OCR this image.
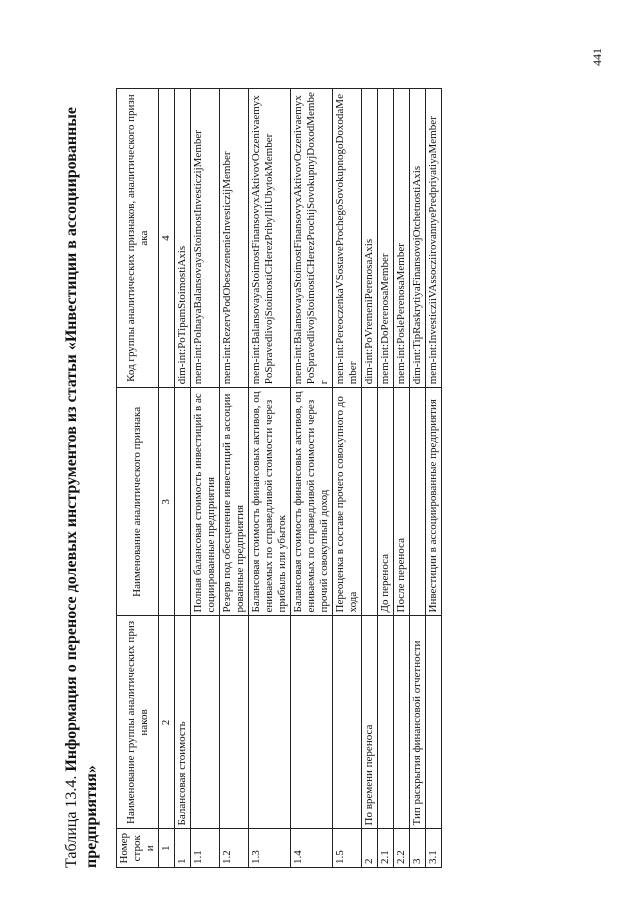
441
Таблица 13.4. Информация о переносе долевых инструментов из статьи «Инвестиции в ассоциированные предприятия» Номер строки	Наименование группы аналитических признаков	Наименование аналитического признака	Код группы аналитических признаков, аналитического признака
1	2	3	4
1	Балансовая стоимость		dim-int:PoTipamStoimostiAxis
1.1		Полная балансовая стоимость инвестиций в ассоциированные предприятия	mem-int:PolnayaBalansovayaStoimostInvesticzijMember
1.2		Резерв под обесценение инвестиций в ассоциированные предприятия	mem-int:RezervPodObesczenenieInvesticzijMember
1.3		Балансовая стоимость финансовых активов, оцениваемых по справедливой стоимости через прибыль или убыток	mem-int:BalansovayaStoimostFinansovyxAktivovOczenivaemyxPoSpravedlivojStoimostiCHerezPribylIliUbytokMember
1.4		Балансовая стоимость финансовых активов, оцениваемых по справедливой стоимости через прочий совокупный доход	mem-int:BalansovayaStoimostFinansovyxAktivovOczenivaemyxPoSpravedlivojStoimostiCHerezProchijSovokupnyjDoxodMember
1.5		Переоценка в составе прочего совокупного дохода	mem-int:PereoczenkaVSostaveProchegoSovokupnogoDoxodaMember
2	По времени переноса		dim-int:PoVremeniPerenosaAxis
2.1		До переноса	mem-int:DoPerenosaMember
2.2		После переноса	mem-int:PoslePerenosaMember
3	Тип раскрытия финансовой отчетности		dim-int:TipRaskrytiyaFinansovojOtchetnostiAxis
3.1		Инвестиции в ассоциированные предприятия	mem-int:InvesticziiVAssocziirovannyePredpriyatiyaMember
